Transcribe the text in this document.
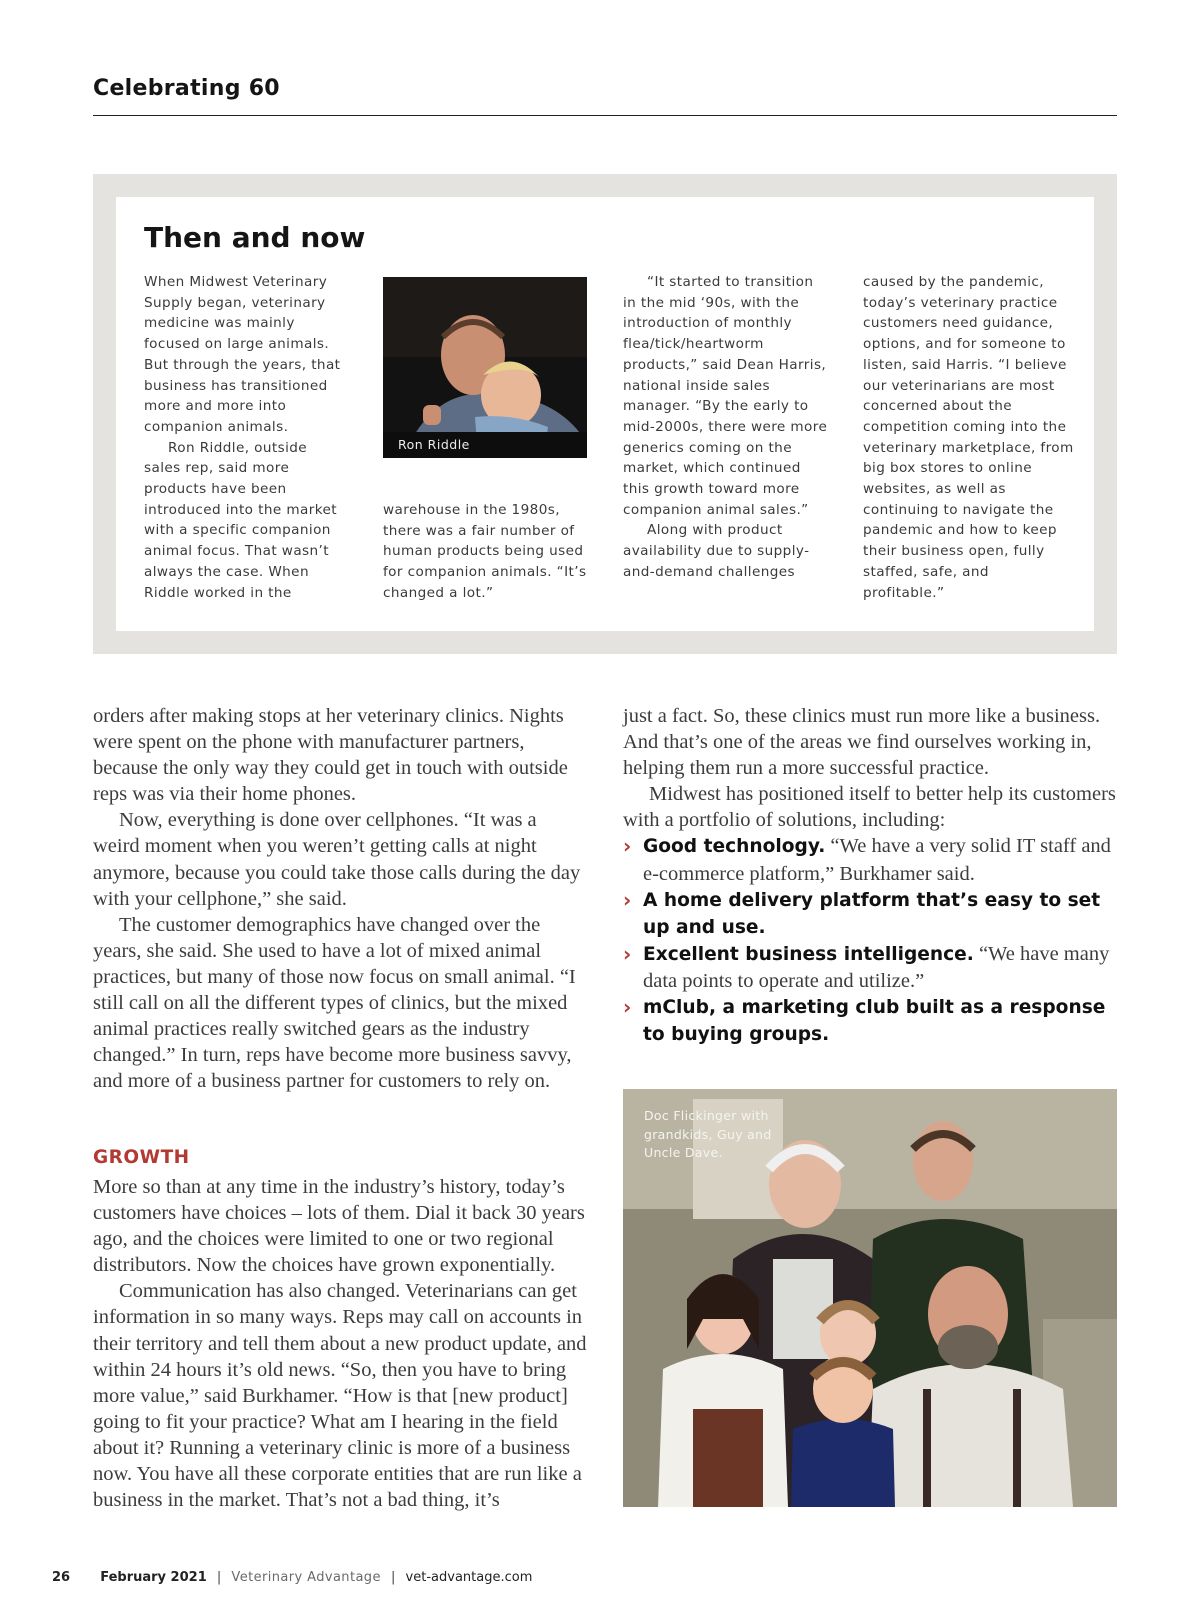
Celebrating 60
Then and now

When Midwest Veterinary Supply began, veterinary medicine was mainly focused on large animals. But through the years, that business has transitioned more and more into companion animals.

Ron Riddle, outside sales rep, said more products have been introduced into the market with a specific companion animal focus. That wasn’t always the case. When Riddle worked in the

Ron Riddle

warehouse in the 1980s, there was a fair number of human products being used for companion animals. “It’s changed a lot.”

“It started to transition in the mid ‘90s, with the introduction of monthly flea/tick/heartworm products,” said Dean Harris, national inside sales manager. “By the early to mid-2000s, there were more generics coming on the market, which continued this growth toward more companion animal sales.”

Along with product availability due to supply-and-demand challenges

caused by the pandemic, today’s veterinary practice customers need guidance, options, and for someone to listen, said Harris. “I believe our veterinarians are most concerned about the competition coming into the veterinary marketplace, from big box stores to online websites, as well as continuing to navigate the pandemic and how to keep their business open, fully staffed, safe, and profitable.”

orders after making stops at her veterinary clinics. Nights were spent on the phone with manufacturer partners, because the only way they could get in touch with outside reps was via their home phones.

Now, everything is done over cellphones. “It was a weird moment when you weren’t getting calls at night anymore, because you could take those calls during the day with your cellphone,” she said.

The customer demographics have changed over the years, she said. She used to have a lot of mixed animal practices, but many of those now focus on small animal. “I still call on all the different types of clinics, but the mixed animal practices really switched gears as the industry changed.” In turn, reps have become more business savvy, and more of a business partner for customers to rely on.

GROWTH

More so than at any time in the industry’s history, today’s customers have choices – lots of them. Dial it back 30 years ago, and the choices were limited to one or two regional distributors. Now the choices have grown exponentially.

Communication has also changed. Veterinarians can get information in so many ways. Reps may call on accounts in their territory and tell them about a new product update, and within 24 hours it’s old news. “So, then you have to bring more value,” said Burkhamer. “How is that [new product] going to fit your practice? What am I hearing in the field about it? Running a veterinary clinic is more of a business now. You have all these corporate entities that are run like a business in the market. That’s not a bad thing, it’s

just a fact. So, these clinics must run more like a business. And that’s one of the areas we find ourselves working in, helping them run a more successful practice.

Midwest has positioned itself to better help its customers with a portfolio of solutions, including:

› Good technology. “We have a very solid IT staff and e-commerce platform,” Burkhamer said.
› A home delivery platform that’s easy to set up and use.
› Excellent business intelligence. “We have many data points to operate and utilize.”
› mClub, a marketing club built as a response to buying groups.
Doc Flickinger with grandkids, Guy and Uncle Dave.
26 February 2021 | Veterinary Advantage | vet-advantage.com
